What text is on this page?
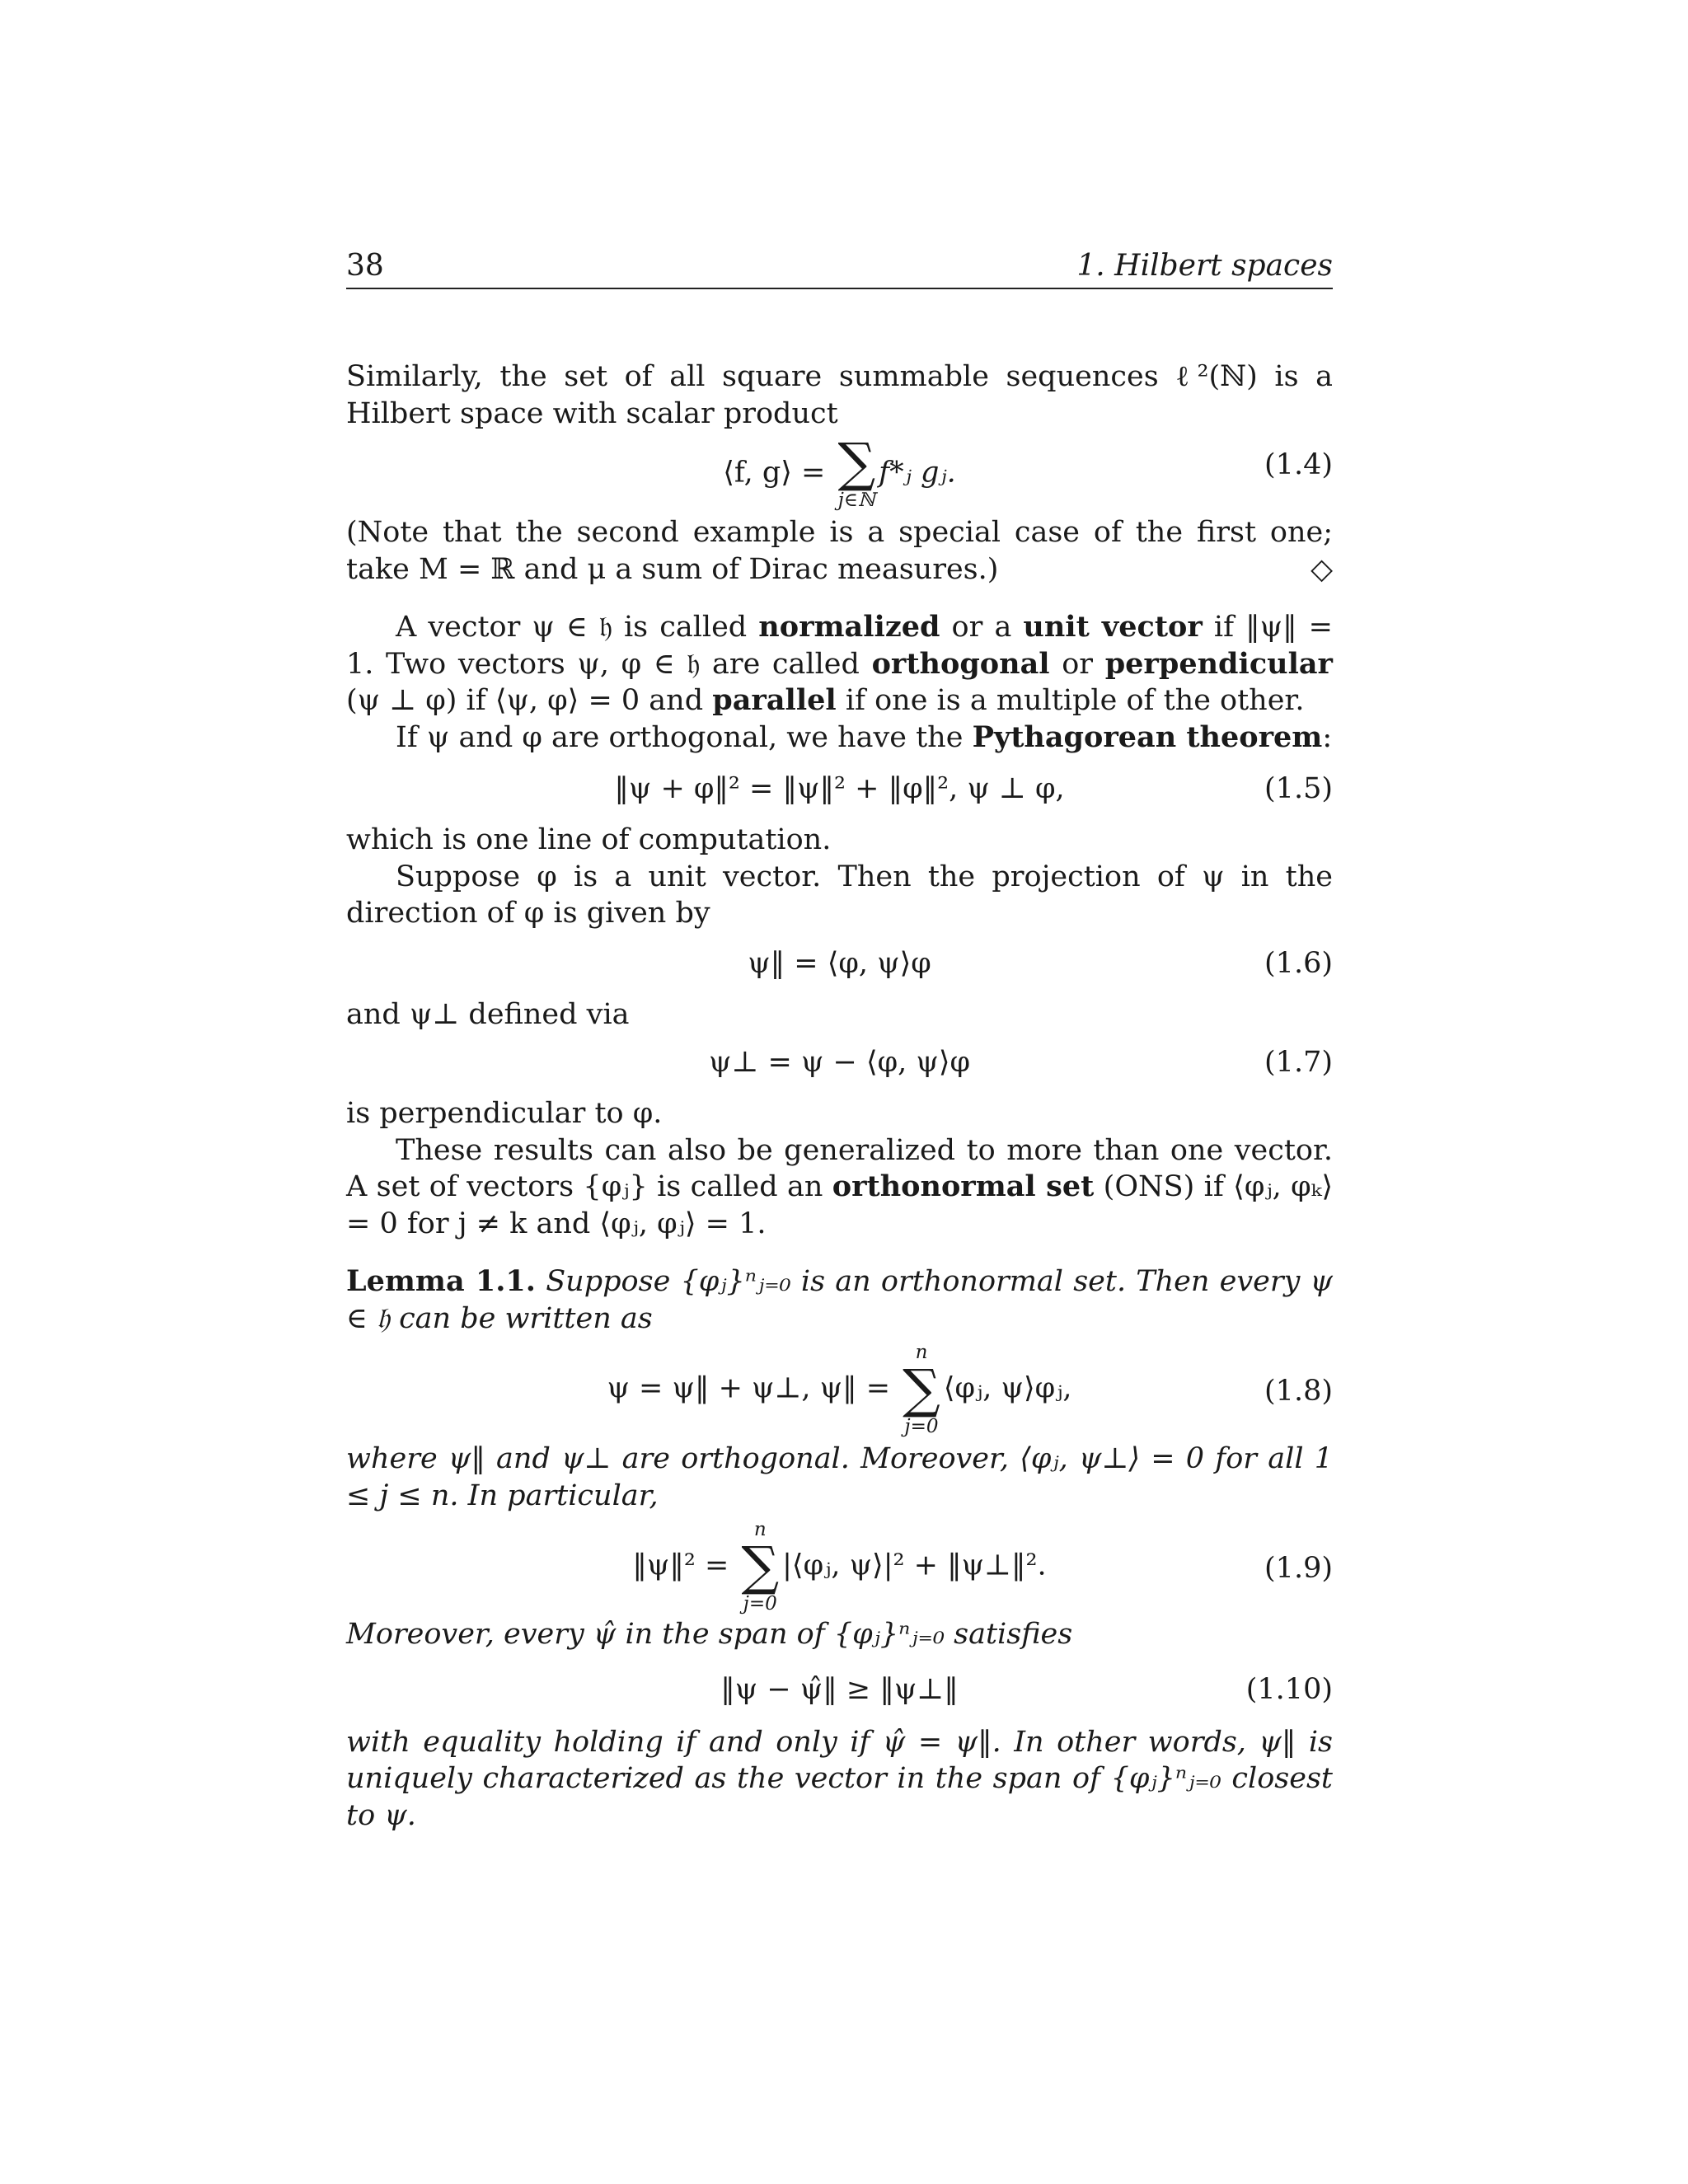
38	1. Hilbert spaces

Similarly, the set of all square summable sequences ℓ²(ℕ) is a Hilbert space with scalar product

⟨f, g⟩ = ∑
j∈ℕ
f*ⱼ gⱼ.	(1.4)

(Note that the second example is a special case of the first one; take M = ℝ and μ a sum of Dirac measures.)	◇

A vector ψ ∈ 𝔥 is called normalized or a unit vector if ‖ψ‖ = 1. Two vectors ψ, φ ∈ 𝔥 are called orthogonal or perpendicular (ψ ⊥ φ) if ⟨ψ, φ⟩ = 0 and parallel if one is a multiple of the other.

If ψ and φ are orthogonal, we have the Pythagorean theorem:

‖ψ + φ‖² = ‖ψ‖² + ‖φ‖², ψ ⊥ φ,	(1.5)

which is one line of computation.

Suppose φ is a unit vector. Then the projection of ψ in the direction of φ is given by

ψ‖ = ⟨φ, ψ⟩φ	(1.6)

and ψ⊥ defined via

ψ⊥ = ψ − ⟨φ, ψ⟩φ	(1.7)

is perpendicular to φ.

These results can also be generalized to more than one vector. A set of vectors {φⱼ} is called an orthonormal set (ONS) if ⟨φⱼ, φₖ⟩ = 0 for j ≠ k and ⟨φⱼ, φⱼ⟩ = 1.

Lemma 1.1. Suppose {φⱼ}ⁿⱼ₌₀ is an orthonormal set. Then every ψ ∈ 𝔥 can be written as

ψ = ψ‖ + ψ⊥, ψ‖ =
n
∑
j=0
⟨φⱼ, ψ⟩φⱼ,	(1.8)

where ψ‖ and ψ⊥ are orthogonal. Moreover, ⟨φⱼ, ψ⊥⟩ = 0 for all 1 ≤ j ≤ n. In particular,

‖ψ‖² =
n
∑
j=0
|⟨φⱼ, ψ⟩|² + ‖ψ⊥‖².	(1.9)

Moreover, every ψ̂ in the span of {φⱼ}ⁿⱼ₌₀ satisfies

‖ψ − ψ̂‖ ≥ ‖ψ⊥‖	(1.10)

with equality holding if and only if ψ̂ = ψ‖. In other words, ψ‖ is uniquely characterized as the vector in the span of {φⱼ}ⁿⱼ₌₀ closest to ψ.
